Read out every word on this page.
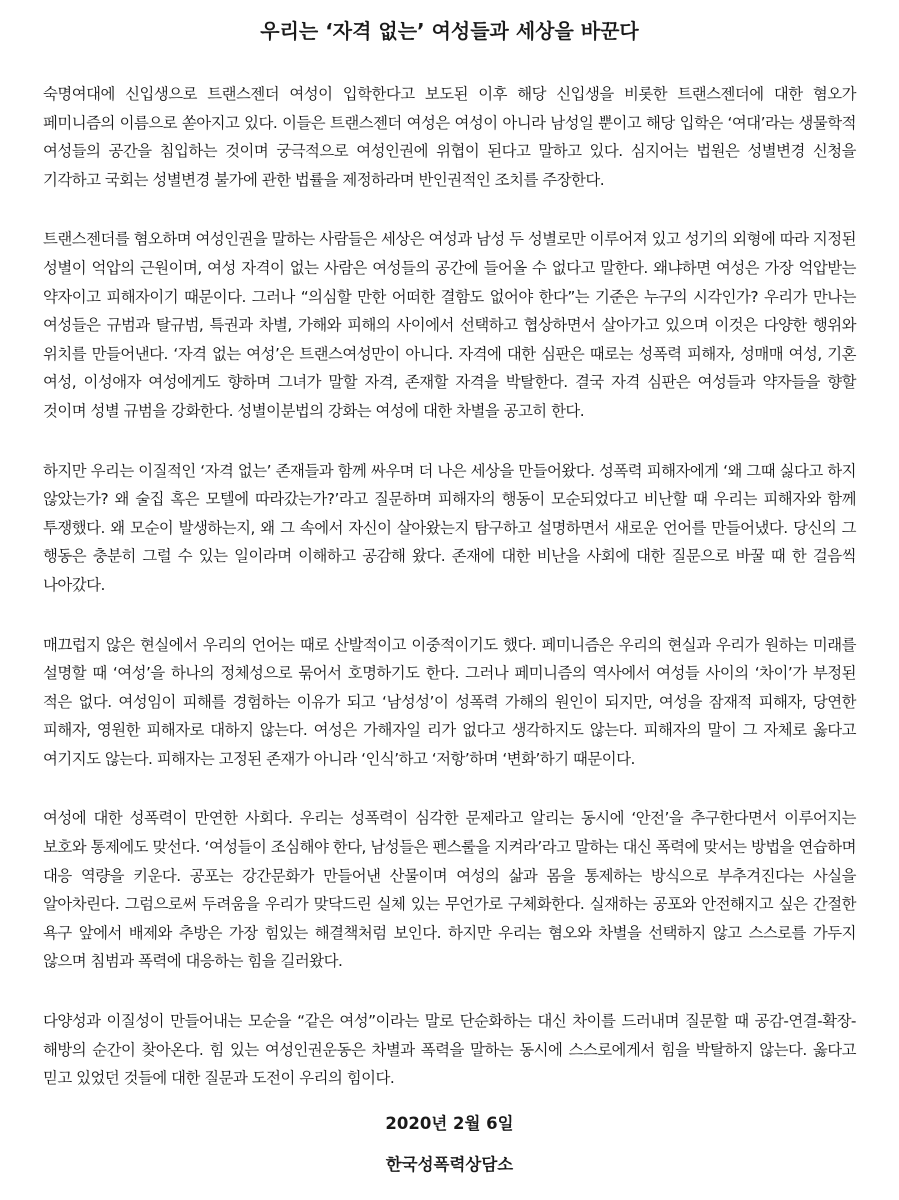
우리는 ‘자격 없는’ 여성들과 세상을 바꾼다

숙명여대에 신입생으로 트랜스젠더 여성이 입학한다고 보도된 이후 해당 신입생을 비롯한 트랜스젠더에 대한 혐오가 페미니즘의 이름으로 쏟아지고 있다. 이들은 트랜스젠더 여성은 여성이 아니라 남성일 뿐이고 해당 입학은 ‘여대’라는 생물학적 여성들의 공간을 침입하는 것이며 궁극적으로 여성인권에 위협이 된다고 말하고 있다. 심지어는 법원은 성별변경 신청을 기각하고 국회는 성별변경 불가에 관한 법률을 제정하라며 반인권적인 조치를 주장한다.

트랜스젠더를 혐오하며 여성인권을 말하는 사람들은 세상은 여성과 남성 두 성별로만 이루어져 있고 성기의 외형에 따라 지정된 성별이 억압의 근원이며, 여성 자격이 없는 사람은 여성들의 공간에 들어올 수 없다고 말한다. 왜냐하면 여성은 가장 억압받는 약자이고 피해자이기 때문이다. 그러나 “의심할 만한 어떠한 결함도 없어야 한다”는 기준은 누구의 시각인가? 우리가 만나는 여성들은 규범과 탈규범, 특권과 차별, 가해와 피해의 사이에서 선택하고 협상하면서 살아가고 있으며 이것은 다양한 행위와 위치를 만들어낸다. ‘자격 없는 여성’은 트랜스여성만이 아니다. 자격에 대한 심판은 때로는 성폭력 피해자, 성매매 여성, 기혼 여성, 이성애자 여성에게도 향하며 그녀가 말할 자격, 존재할 자격을 박탈한다. 결국 자격 심판은 여성들과 약자들을 향할 것이며 성별 규범을 강화한다. 성별이분법의 강화는 여성에 대한 차별을 공고히 한다.

하지만 우리는 이질적인 ‘자격 없는’ 존재들과 함께 싸우며 더 나은 세상을 만들어왔다. 성폭력 피해자에게 ‘왜 그때 싫다고 하지 않았는가? 왜 술집 혹은 모텔에 따라갔는가?’라고 질문하며 피해자의 행동이 모순되었다고 비난할 때 우리는 피해자와 함께 투쟁했다. 왜 모순이 발생하는지, 왜 그 속에서 자신이 살아왔는지 탐구하고 설명하면서 새로운 언어를 만들어냈다. 당신의 그 행동은 충분히 그럴 수 있는 일이라며 이해하고 공감해 왔다. 존재에 대한 비난을 사회에 대한 질문으로 바꿀 때 한 걸음씩 나아갔다.

매끄럽지 않은 현실에서 우리의 언어는 때로 산발적이고 이중적이기도 했다. 페미니즘은 우리의 현실과 우리가 원하는 미래를 설명할 때 ‘여성’을 하나의 정체성으로 묶어서 호명하기도 한다. 그러나 페미니즘의 역사에서 여성들 사이의 ‘차이’가 부정된 적은 없다. 여성임이 피해를 경험하는 이유가 되고 ‘남성성’이 성폭력 가해의 원인이 되지만, 여성을 잠재적 피해자, 당연한 피해자, 영원한 피해자로 대하지 않는다. 여성은 가해자일 리가 없다고 생각하지도 않는다. 피해자의 말이 그 자체로 옳다고 여기지도 않는다. 피해자는 고정된 존재가 아니라 ‘인식’하고 ‘저항’하며 ‘변화’하기 때문이다.

여성에 대한 성폭력이 만연한 사회다. 우리는 성폭력이 심각한 문제라고 알리는 동시에 ‘안전’을 추구한다면서 이루어지는 보호와 통제에도 맞선다. ‘여성들이 조심해야 한다, 남성들은 펜스룰을 지켜라’라고 말하는 대신 폭력에 맞서는 방법을 연습하며 대응 역량을 키운다. 공포는 강간문화가 만들어낸 산물이며 여성의 삶과 몸을 통제하는 방식으로 부추겨진다는 사실을 알아차린다. 그럼으로써 두려움을 우리가 맞닥드린 실체 있는 무언가로 구체화한다. 실재하는 공포와 안전해지고 싶은 간절한 욕구 앞에서 배제와 추방은 가장 힘있는 해결책처럼 보인다. 하지만 우리는 혐오와 차별을 선택하지 않고 스스로를 가두지 않으며 침범과 폭력에 대응하는 힘을 길러왔다.

다양성과 이질성이 만들어내는 모순을 “같은 여성”이라는 말로 단순화하는 대신 차이를 드러내며 질문할 때 공감-연결-확장-해방의 순간이 찾아온다. 힘 있는 여성인권운동은 차별과 폭력을 말하는 동시에 스스로에게서 힘을 박탈하지 않는다. 옳다고 믿고 있었던 것들에 대한 질문과 도전이 우리의 힘이다.

2020년 2월 6일
한국성폭력상담소
